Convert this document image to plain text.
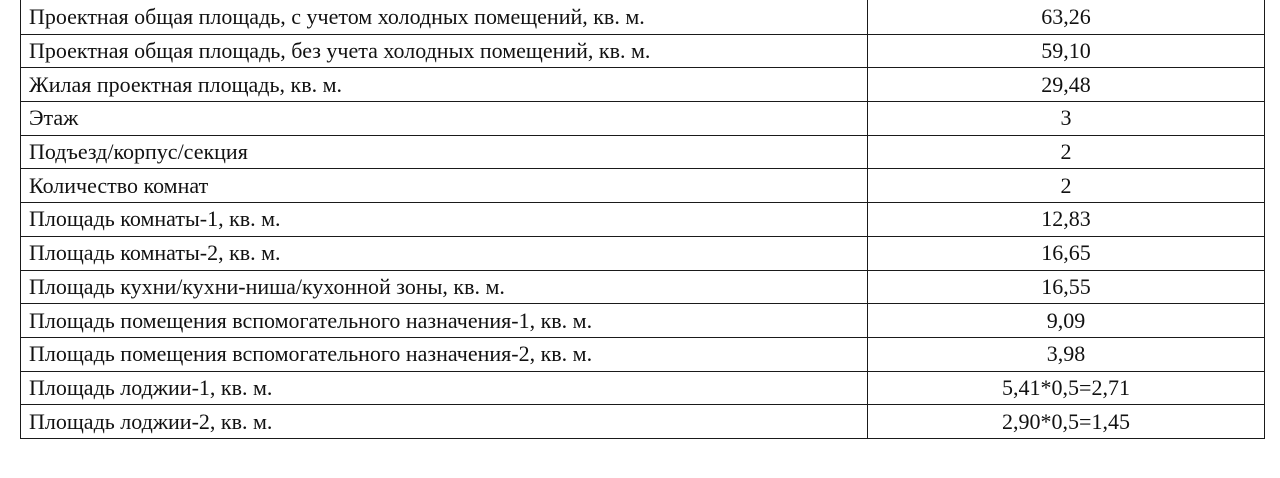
Проектная общая площадь, с учетом холодных помещений, кв. м.	63,26
Проектная общая площадь, без учета холодных помещений, кв. м.	59,10
Жилая проектная площадь, кв. м.	29,48
Этаж	3
Подъезд/корпус/секция	2
Количество комнат	2
Площадь комнаты-1, кв. м.	12,83
Площадь комнаты-2, кв. м.	16,65
Площадь кухни/кухни-ниша/кухонной зоны, кв. м.	16,55
Площадь помещения вспомогательного назначения-1, кв. м.	9,09
Площадь помещения вспомогательного назначения-2, кв. м.	3,98
Площадь лоджии-1, кв. м.	5,41*0,5=2,71
Площадь лоджии-2, кв. м.	2,90*0,5=1,45
